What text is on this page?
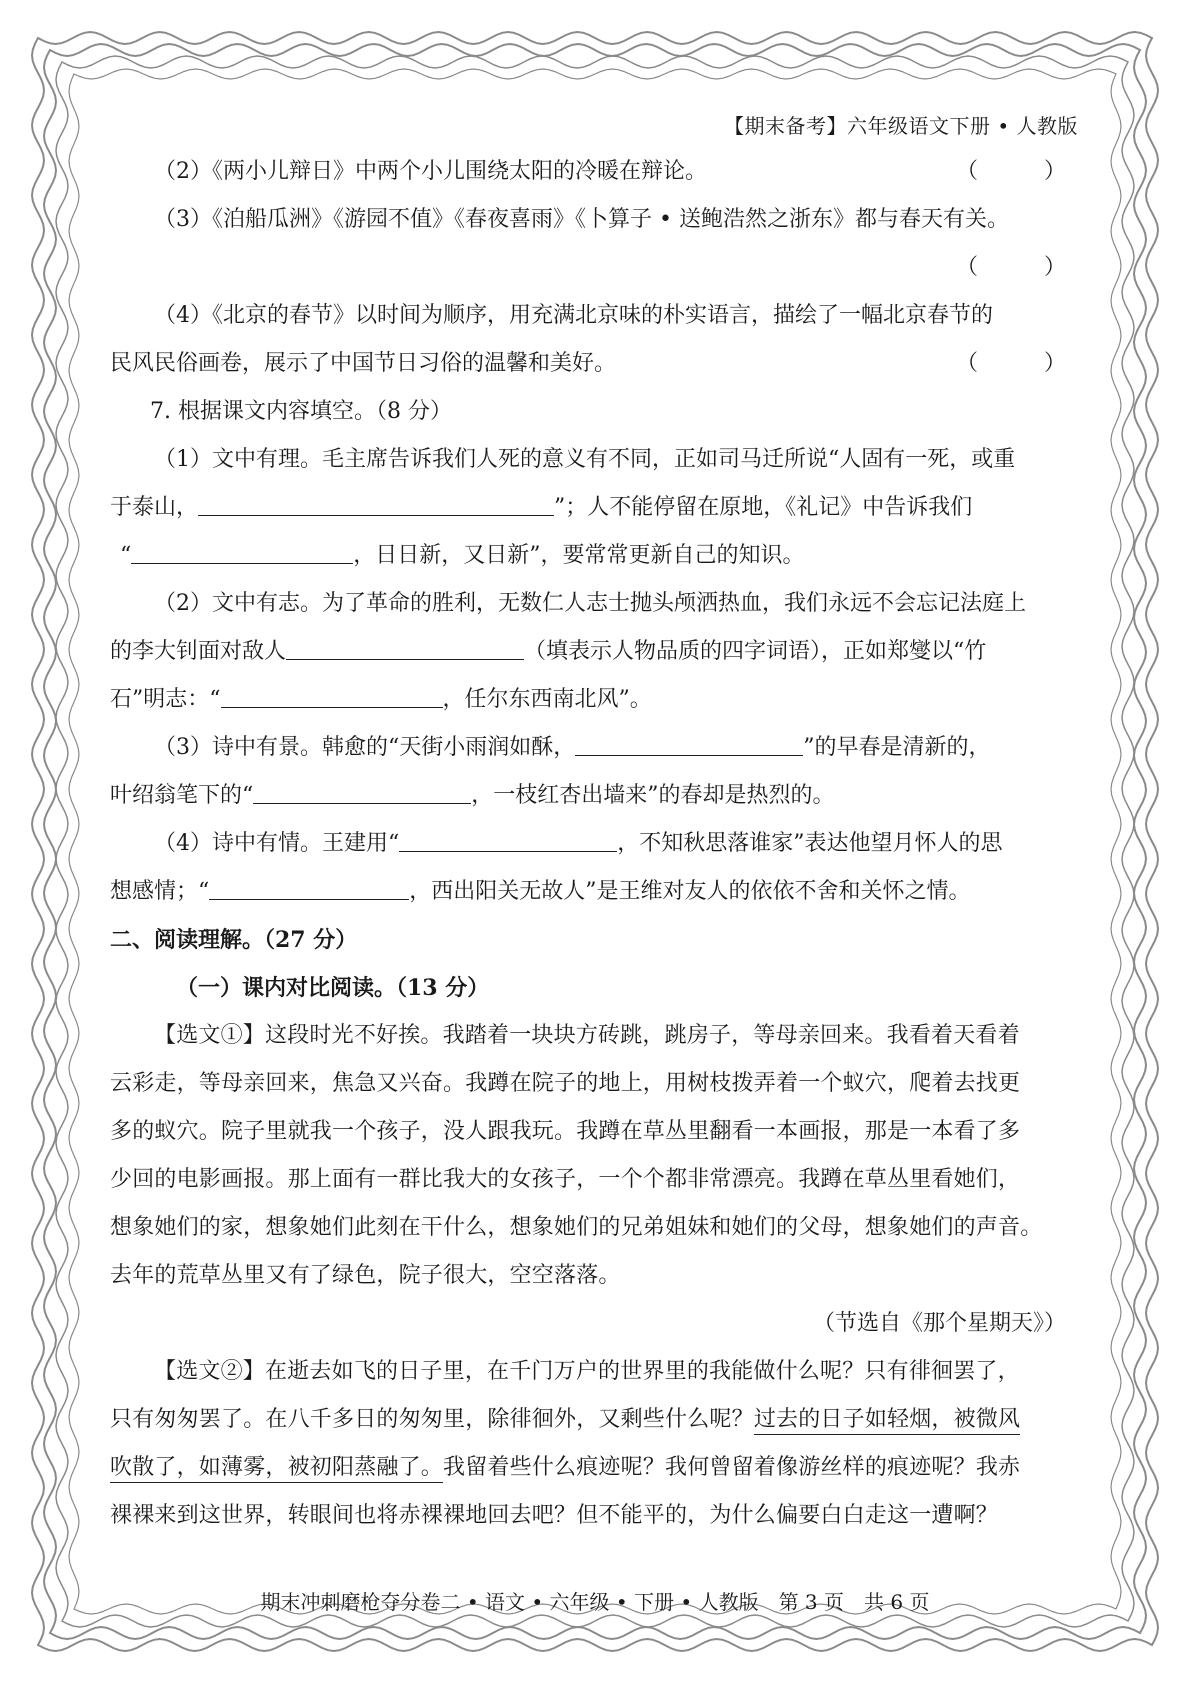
【期末备考】六年级语文下册 • 人教版

（2）《两小儿辩日》中两个小儿围绕太阳的冷暖在辩论。	（　　　）

（3）《泊船瓜洲》《游园不值》《春夜喜雨》《卜算子 • 送鲍浩然之浙东》都与春天有关。

（　　　）

（4）《北京的春节》以时间为顺序，用充满北京味的朴实语言，描绘了一幅北京春节的

民风民俗画卷，展示了中国节日习俗的温馨和美好。	（　　　）

7. 根据课文内容填空。（8 分）

（1）文中有理。毛主席告诉我们人死的意义有不同，正如司马迁所说“人固有一死，或重

于泰山，	”；人不能停留在原地，《礼记》中告诉我们

“	，日日新，又日新”，要常常更新自己的知识。

（2）文中有志。为了革命的胜利，无数仁人志士抛头颅洒热血，我们永远不会忘记法庭上

的李大钊面对敌人	（填表示人物品质的四字词语），正如郑燮以“竹

石”明志：“	，任尔东西南北风”。

（3）诗中有景。韩愈的“天街小雨润如酥，	”的早春是清新的，

叶绍翁笔下的“	，一枝红杏出墙来”的春却是热烈的。

（4）诗中有情。王建用“	，不知秋思落谁家”表达他望月怀人的思

想感情；“	，西出阳关无故人”是王维对友人的依依不舍和关怀之情。

二、阅读理解。（27 分）

（一）课内对比阅读。（13 分）

【选文①】这段时光不好挨。我踏着一块块方砖跳，跳房子，等母亲回来。我看着天看着

云彩走，等母亲回来，焦急又兴奋。我蹲在院子的地上，用树枝拨弄着一个蚁穴，爬着去找更

多的蚁穴。院子里就我一个孩子，没人跟我玩。我蹲在草丛里翻看一本画报，那是一本看了多

少回的电影画报。那上面有一群比我大的女孩子，一个个都非常漂亮。我蹲在草丛里看她们，

想象她们的家，想象她们此刻在干什么，想象她们的兄弟姐妹和她们的父母，想象她们的声音。

去年的荒草丛里又有了绿色，院子很大，空空落落。

（节选自《那个星期天》）

【选文②】在逝去如飞的日子里，在千门万户的世界里的我能做什么呢？只有徘徊罢了，

只有匆匆罢了。在八千多日的匆匆里，除徘徊外，又剩些什么呢？过去的日子如轻烟，被微风

吹散了，如薄雾，被初阳蒸融了。我留着些什么痕迹呢？我何曾留着像游丝样的痕迹呢？我赤

裸裸来到这世界，转眼间也将赤裸裸地回去吧？但不能平的，为什么偏要白白走这一遭啊？

期末冲刺磨枪夺分卷二 • 语文 • 六年级 • 下册 • 人教版　第 3 页　共 6 页
